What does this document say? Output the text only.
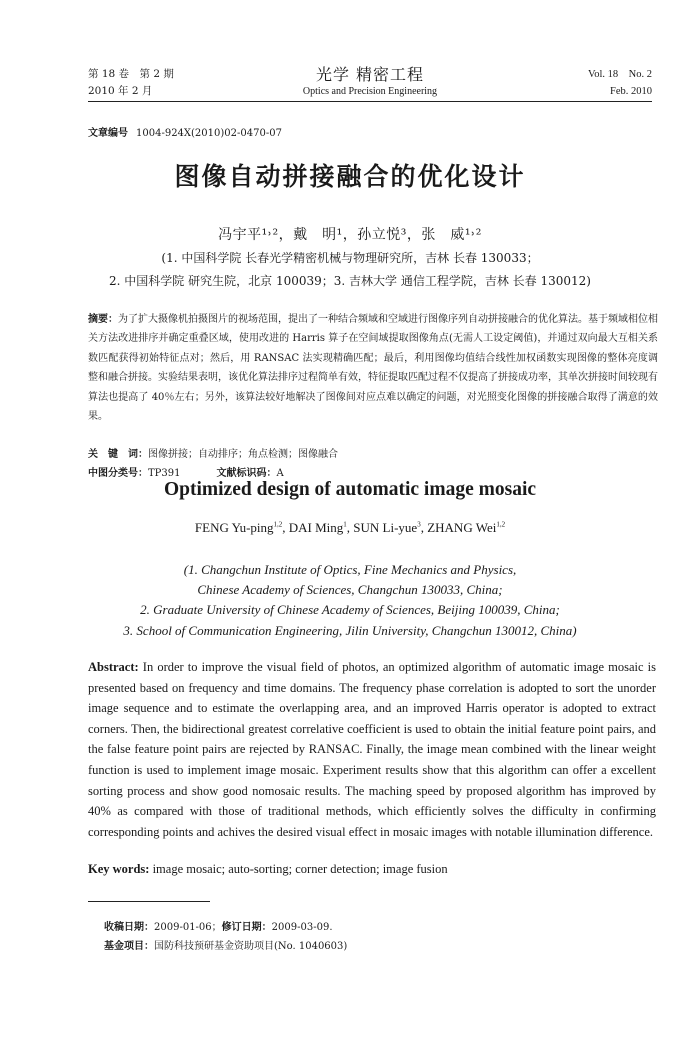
第 18 卷　第 2 期
2010 年 2 月
光学 精密工程
Optics and Precision Engineering
Vol. 18　No. 2
Feb. 2010
文章编号 1004-924X(2010)02-0470-07
图像自动拼接融合的优化设计
冯宇平¹˒²，戴　明¹，孙立悦³，张　威¹˒²
(1. 中国科学院 长春光学精密机械与物理研究所，吉林 长春 130033；
2. 中国科学院 研究生院，北京 100039；3. 吉林大学 通信工程学院，吉林 长春 130012)
摘要：为了扩大摄像机拍摄图片的视场范围，提出了一种结合频域和空域进行图像序列自动拼接融合的优化算法。基于频域相位相关方法改进排序并确定重叠区域，使用改进的 Harris 算子在空间域提取图像角点(无需人工设定阈值)，并通过双向最大互相关系数匹配获得初始特征点对；然后，用 RANSAC 法实现精确匹配；最后，利用图像均值结合线性加权函数实现图像的整体亮度调整和融合拼接。实验结果表明，该优化算法排序过程简单有效，特征提取匹配过程不仅提高了拼接成功率，其单次拼接时间较现有算法也提高了 40％左右；另外，该算法较好地解决了图像间对应点难以确定的问题，对光照变化图像的拼接融合取得了满意的效果。
关　键　词：图像拼接；自动排序；角点检测；图像融合
中图分类号：TP391	文献标识码：A
Optimized design of automatic image mosaic
FENG Yu-ping$^{1,2}$, DAI Ming$^1$, SUN Li-yue$^3$, ZHANG Wei$^{1,2}$
(1. Changchun Institute of Optics, Fine Mechanics and Physics,
Chinese Academy of Sciences, Changchun 130033, China;
2. Graduate University of Chinese Academy of Sciences, Beijing 100039, China;
3. School of Communication Engineering, Jilin University, Changchun 130012, China)
Abstract: In order to improve the visual field of photos, an optimized algorithm of automatic image mosaic is presented based on frequency and time domains. The frequency phase correlation is adopted to sort the unorder image sequence and to estimate the overlapping area, and an improved Harris operator is adopted to extract corners. Then, the bidirectional greatest correlative coefficient is used to obtain the initial feature point pairs, and the false feature point pairs are rejected by RANSAC. Finally, the image mean combined with the linear weight function is used to implement image mosaic. Experiment results show that this algorithm can offer a excellent sorting process and show good nomosaic results. The maching speed by proposed algorithm has improved by 40% as compared with those of traditional methods, which efficiently solves the difficulty in confirming corresponding points and achives the desired visual effect in mosaic images with notable illumination difference.
Key words: image mosaic; auto-sorting; corner detection; image fusion
收稿日期：2009-01-06；修订日期：2009-03-09.
基金项目：国防科技预研基金资助项目(No. 1040603)
